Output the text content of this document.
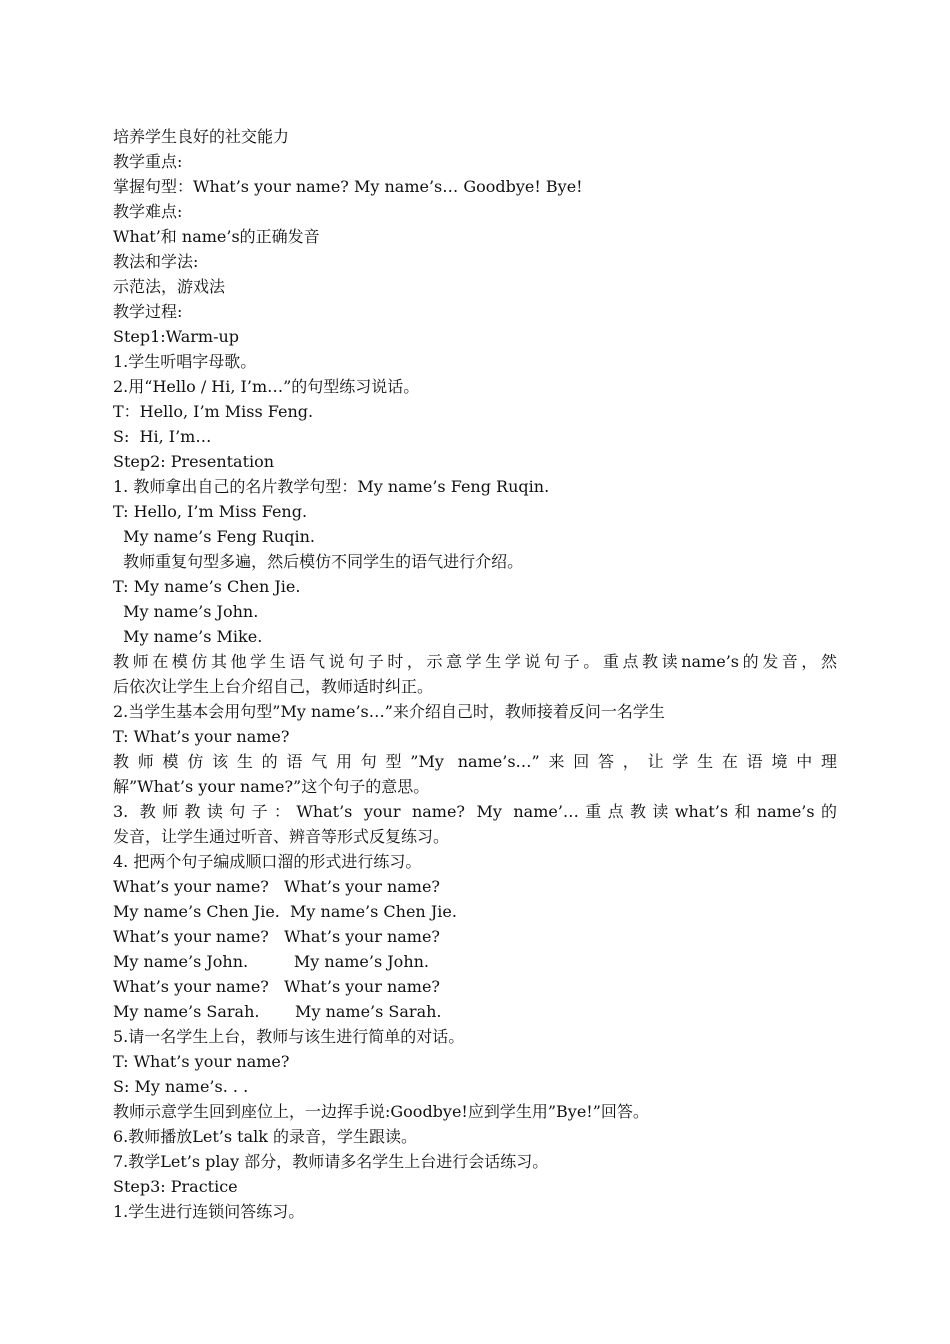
培养学生良好的社交能力
教学重点:
掌握句型：What’s your name? My name’s… Goodbye! Bye!
教学难点:
What’和 name’s的正确发音
教法和学法:
示范法，游戏法
教学过程:
Step1:Warm-up
1.学生听唱字母歌。
2.用“Hello / Hi, I’m…”的句型练习说话。
T：Hello, I’m Miss Feng.
S:  Hi, I’m…
Step2: Presentation
1. 教师拿出自己的名片教学句型：My name’s Feng Ruqin.
T: Hello, I’m Miss Feng.
My name’s Feng Ruqin.
教师重复句型多遍，然后模仿不同学生的语气进行介绍。
T: My name’s Chen Jie.
My name’s John.
My name’s Mike.
教师在模仿其他学生语气说句子时，示意学生学说句子。重点教读name’s的发音，然
后依次让学生上台介绍自己，教师适时纠正。
2.当学生基本会用句型”My name’s…”来介绍自己时，教师接着反问一名学生
T: What’s your name?
教师模仿该生的语气用句型”My name’s…”来回答，让学生在语境中理
解”What’s your name?”这个句子的意思。
3. 教师教读句子：What’s your name? My name’…重点教读what’s和name’s的
发音，让学生通过听音、辨音等形式反复练习。
4. 把两个句子编成顺口溜的形式进行练习。
What’s your name?   What’s your name?
My name’s Chen Jie.  My name’s Chen Jie.
What’s your name?   What’s your name?
My name’s John.         My name’s John.
What’s your name?   What’s your name?
My name’s Sarah.       My name’s Sarah.
5.请一名学生上台，教师与该生进行简单的对话。
T: What’s your name?
S: My name’s. . .
教师示意学生回到座位上，一边挥手说:Goodbye!应到学生用”Bye!”回答。
6.教师播放Let’s talk 的录音，学生跟读。
7.教学Let’s play 部分，教师请多名学生上台进行会话练习。
Step3: Practice
1.学生进行连锁问答练习。
